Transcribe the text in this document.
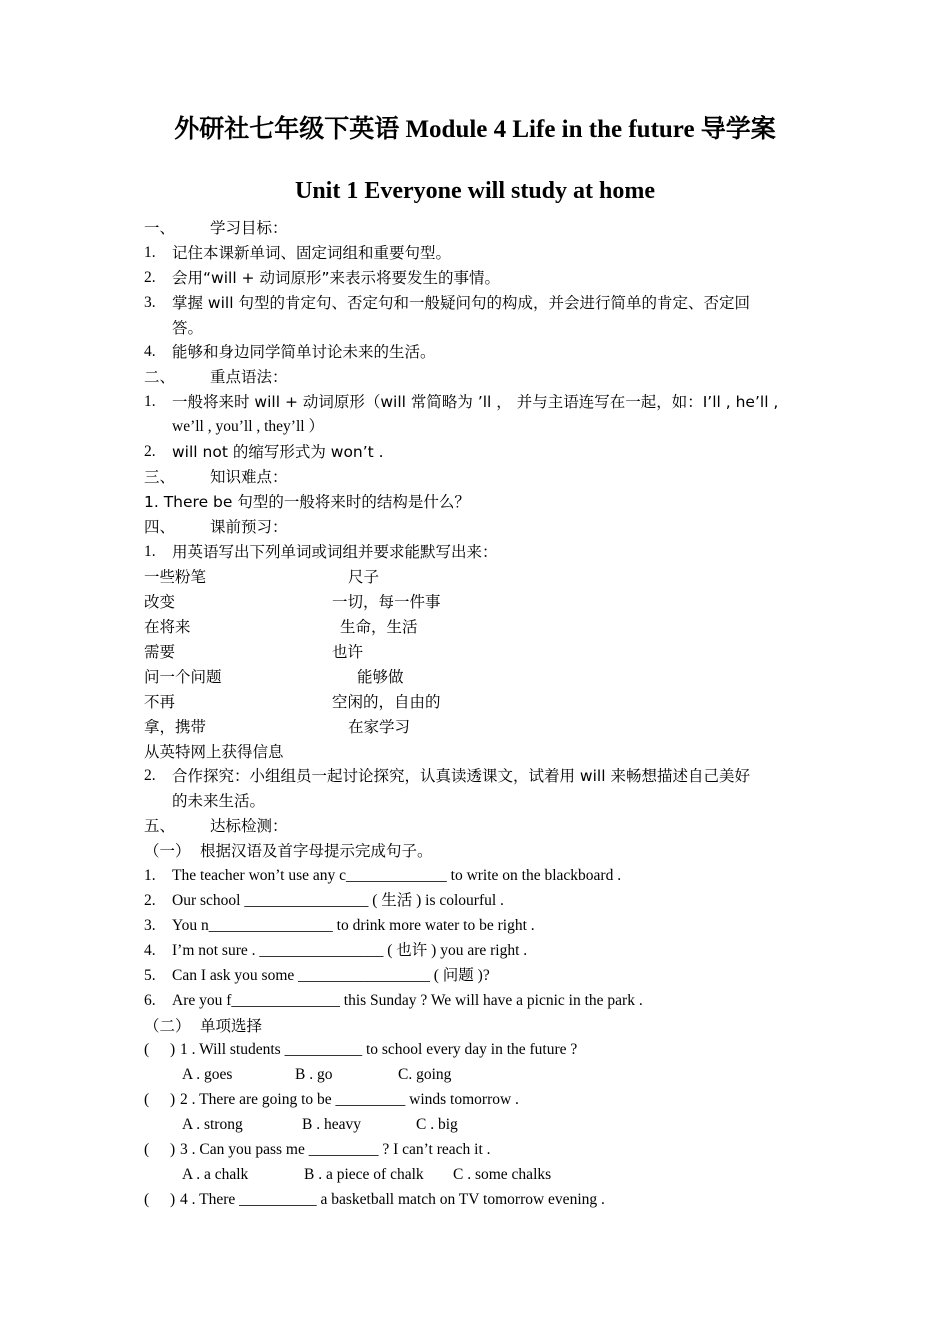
外研社七年级下英语 Module 4 Life in the future 导学案
Unit 1 Everyone will study at home
一、 学习目标：
1. 记住本课新单词、固定词组和重要句型。
2. 会用“will + 动词原形”来表示将要发生的事情。
3. 掌握 will 句型的肯定句、否定句和一般疑问句的构成，并会进行简单的肯定、否定回
答。
4. 能够和身边同学简单讨论未来的生活。
二、 重点语法：
1. 一般将来时 will + 动词原形（will 常简略为 ’ll ， 并与主语连写在一起，如：I’ll , he’ll ,
we’ll , you’ll , they’ll ）
2. will not 的缩写形式为 won’t .
三、 知识难点：
1. There be 句型的一般将来时的结构是什么？
四、 课前预习：
1. 用英语写出下列单词或词组并要求能默写出来：
一些粉笔	尺子
改变	一切，每一件事
在将来	生命，生活
需要	也许
问一个问题	能够做
不再	空闲的，自由的
拿，携带	在家学习
从英特网上获得信息
2. 合作探究：小组组员一起讨论探究，认真读透课文，试着用 will 来畅想描述自己美好
的未来生活。
五、 达标检测：
（一） 根据汉语及首字母提示完成句子。
1. The teacher won’t use any c_____________ to write on the blackboard .
2. Our school ________________ ( 生活 ) is colourful .
3. You n________________ to drink more water to be right .
4. I’m not sure . ________________ ( 也许 ) you are right .
5. Can I ask you some _________________ ( 问题 )?
6. Are you f______________ this Sunday ? We will have a picnic in the park .
（二） 单项选择
( ) 1 . Will students __________ to school every day in the future ?
A . goes	B . go	C. going
( ) 2 . There are going to be _________ winds tomorrow .
A . strong	B . heavy	C . big
( ) 3 . Can you pass me _________ ? I can’t reach it .
A . a chalk	B . a piece of chalk C . some chalks
( ) 4 . There __________ a basketball match on TV tomorrow evening .
